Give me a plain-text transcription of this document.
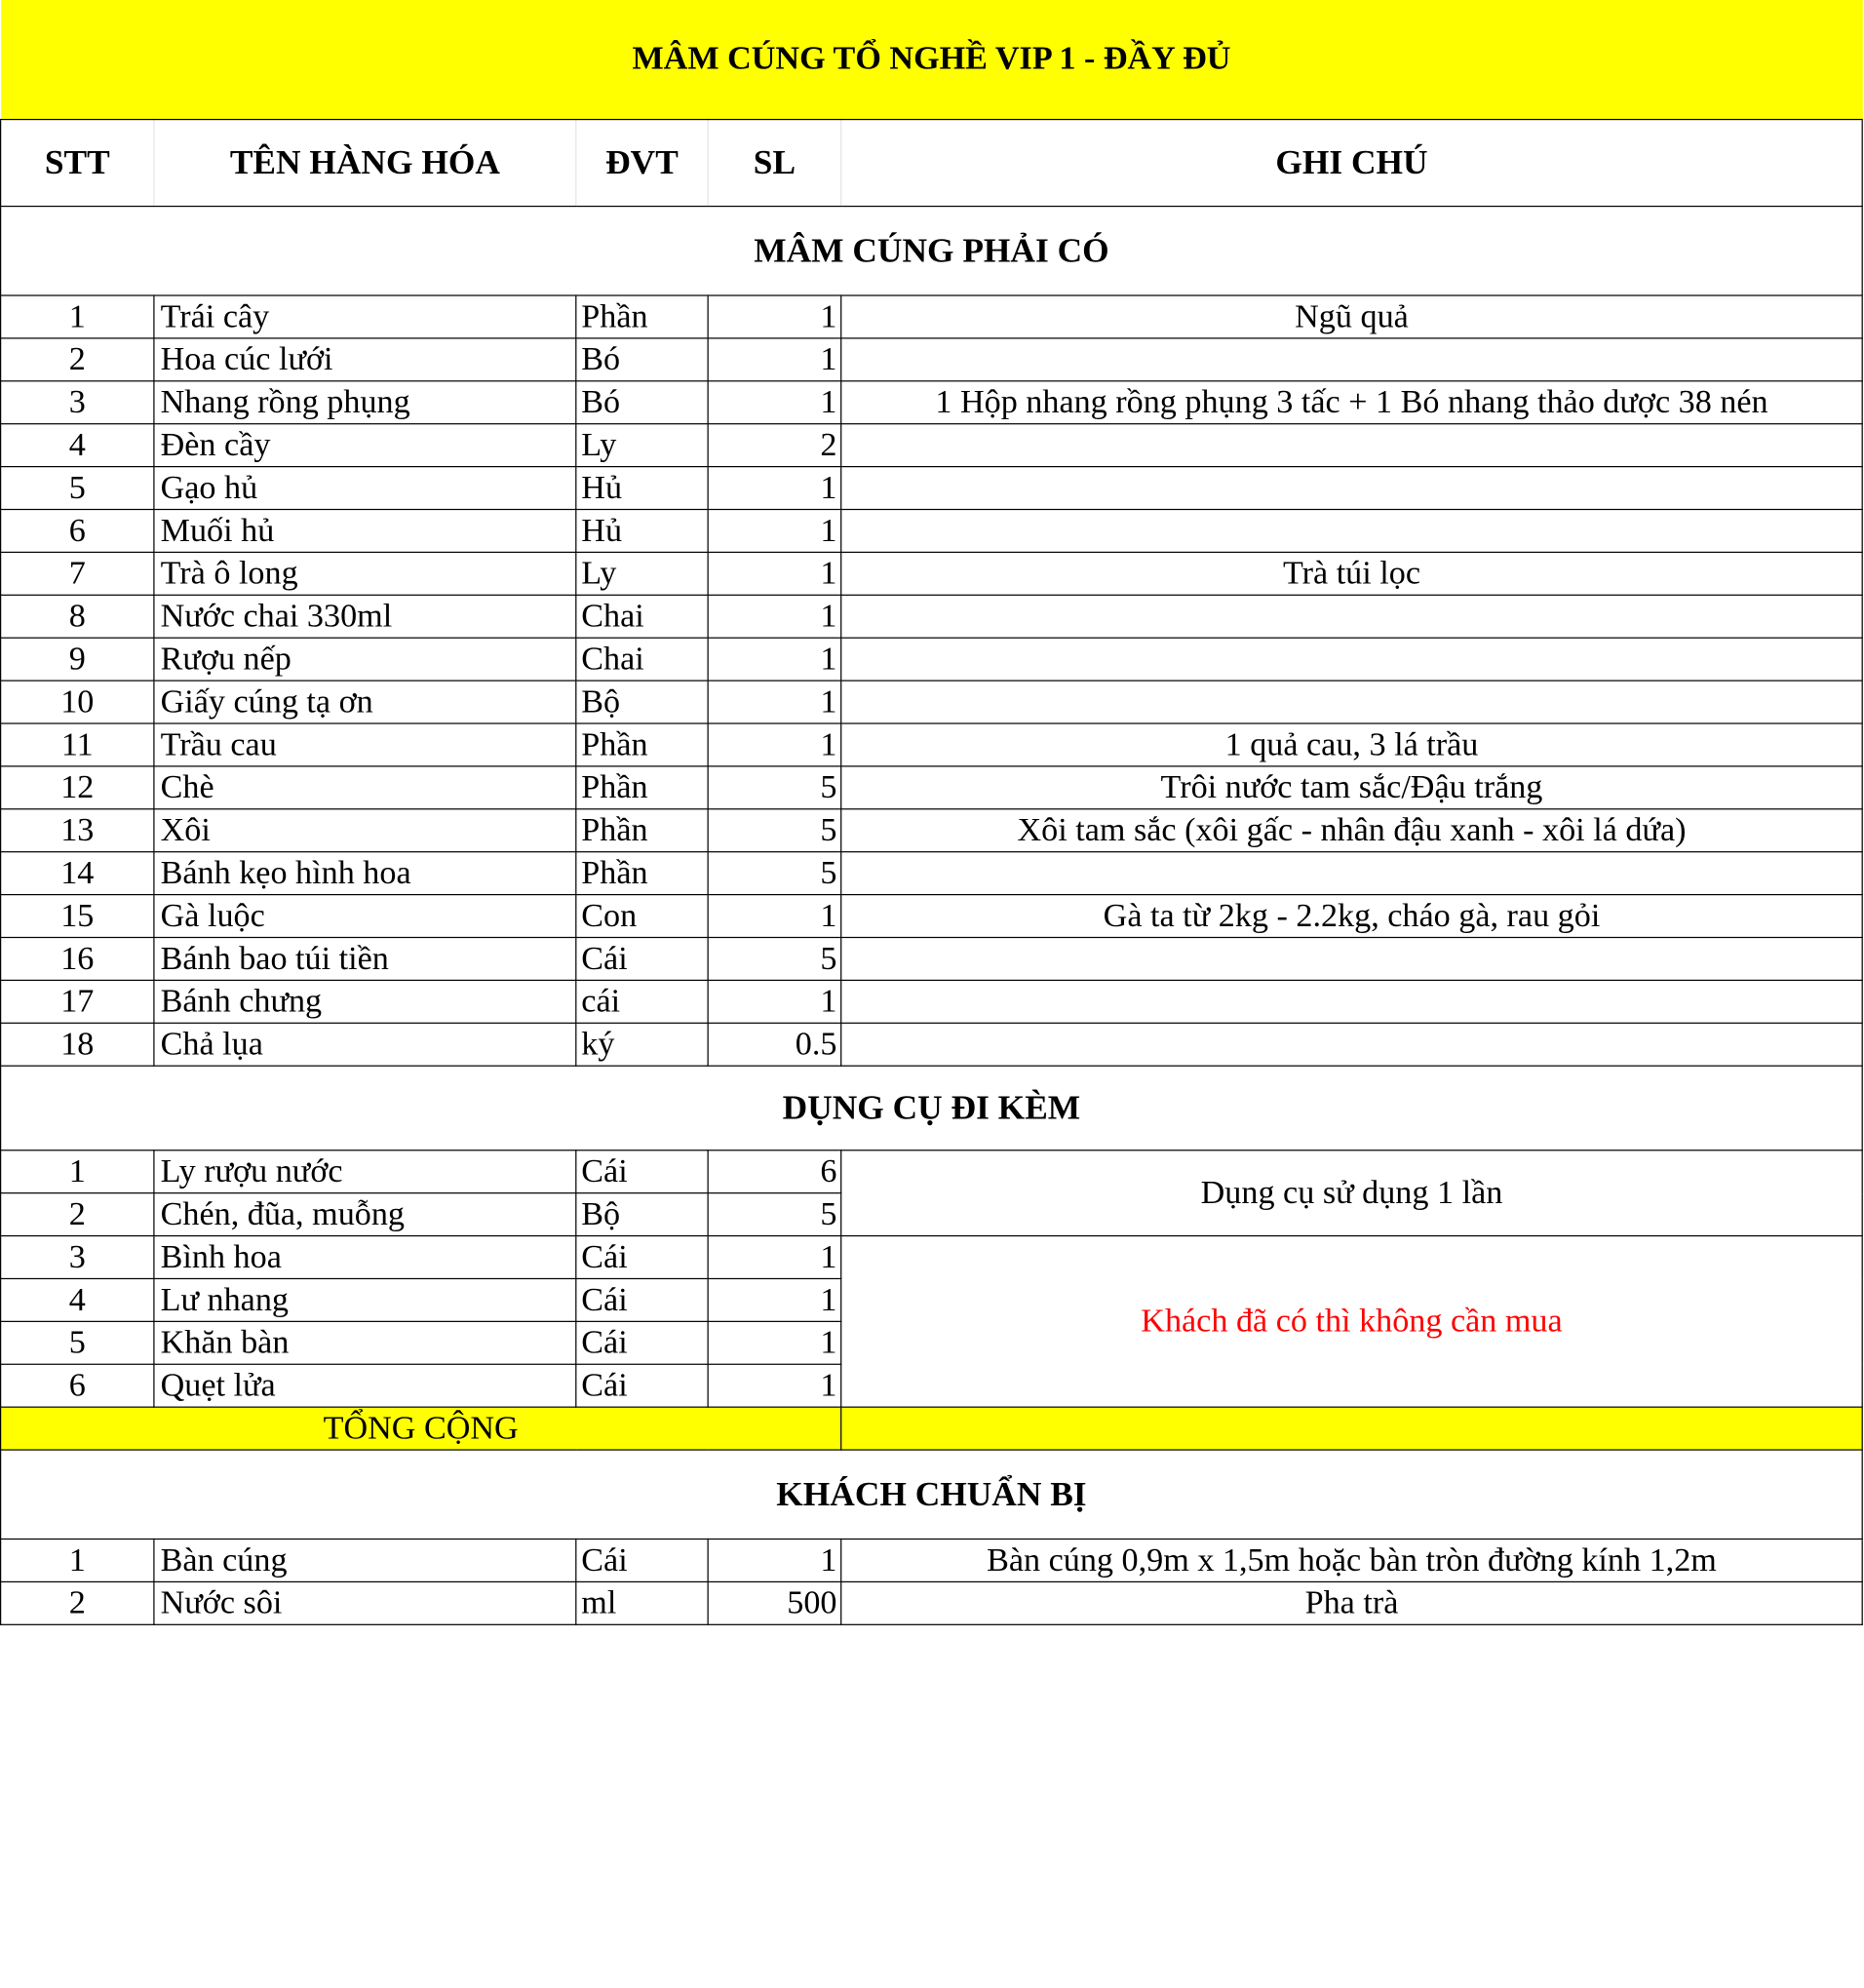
MÂM CÚNG TỔ NGHỀ VIP 1 - ĐẦY ĐỦ				
STT	TÊN HÀNG HÓA	ĐVT	SL	GHI CHÚ
MÂM CÚNG PHẢI CÓ				
1	Trái cây	Phần	1	Ngũ quả
2	Hoa cúc lưới	Bó	1	
3	Nhang rồng phụng	Bó	1	1 Hộp nhang rồng phụng 3 tấc + 1 Bó nhang thảo dược 38 nén
4	Đèn cầy	Ly	2	
5	Gạo hủ	Hủ	1	
6	Muối hủ	Hủ	1	
7	Trà ô long	Ly	1	Trà túi lọc
8	Nước chai 330ml	Chai	1	
9	Rượu nếp	Chai	1	
10	Giấy cúng tạ ơn	Bộ	1	
11	Trầu cau	Phần	1	1 quả cau, 3 lá trầu
12	Chè	Phần	5	Trôi nước tam sắc/Đậu trắng
13	Xôi	Phần	5	Xôi tam sắc (xôi gấc - nhân đậu xanh - xôi lá dứa)
14	Bánh kẹo hình hoa	Phần	5	
15	Gà luộc	Con	1	Gà ta từ 2kg - 2.2kg, cháo gà, rau gỏi
16	Bánh bao túi tiền	Cái	5	
17	Bánh chưng	cái	1	
18	Chả lụa	ký	0.5	
DỤNG CỤ ĐI KÈM				
1	Ly rượu nước	Cái	6	Dụng cụ sử dụng 1 lần
2	Chén, đũa, muỗng	Bộ	5	
3	Bình hoa	Cái	1	Khách đã có thì không cần mua
4	Lư nhang	Cái	1	
5	Khăn bàn	Cái	1	
6	Quẹt lửa	Cái	1	
TỔNG CỘNG				
KHÁCH CHUẨN BỊ				
1	Bàn cúng	Cái	1	Bàn cúng 0,9m x 1,5m hoặc bàn tròn đường kính 1,2m
2	Nước sôi	ml	500	Pha trà
